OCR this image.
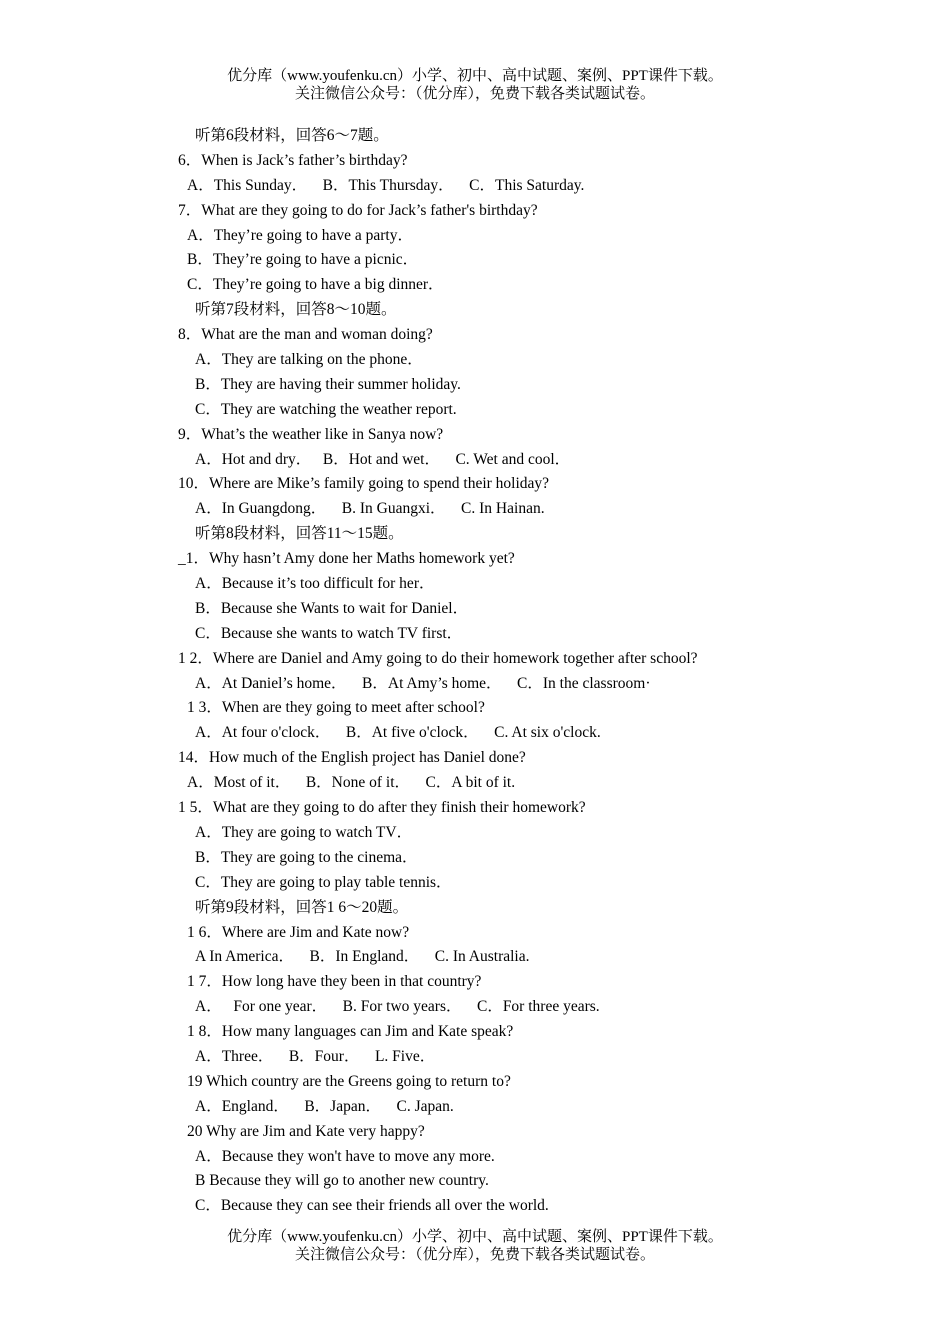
优分库（www.youfenku.cn）小学、初中、高中试题、案例、PPT课件下载。
关注微信公众号：（优分库），免费下载各类试题试卷。
听第6段材料，回答6～7题。
6．When is Jack’s father’s birthday?
A．This Sunday．    B．This Thursday．    C．This Saturday.
7．What are they going to do for Jack’s father's birthday?
A．They’re going to have a party．
B．They’re going to have a picnic．
C．They’re going to have a big dinner．
听第7段材料，回答8～10题。
8．What are the man and woman doing?
A．They are talking on the phone．
B．They are having their summer holiday.
C．They are watching the weather report.
9．What’s the weather like in Sanya now?
A．Hot and dry．   B．Hot and wet．    C. Wet and cool．
10．Where are Mike’s family going to spend their holiday?
A．In Guangdong．    B. In Guangxi．    C. In Hainan.
听第8段材料，回答11～15题。
_1．Why hasn’t Amy done her Maths homework yet?
A．Because it’s too difficult for her．
B．Because she Wants to wait for Daniel．
C．Because she wants to watch TV first．
1 2．Where are Daniel and Amy going to do their homework together after school?
A．At Daniel’s home．    B．At Amy’s home．    C．In the classroom·
1 3．When are they going to meet after school?
A．At four o'clock．    B．At five o'clock．    C. At six o'clock.
14．How much of the English project has Daniel done?
A．Most of it．    B．None of it．    C．A bit of it.
1 5．What are they going to do after they finish their homework?
A．They are going to watch TV．
B．They are going to the cinema．
C．They are going to play table tennis．
听第9段材料，回答1 6～20题。
1 6．Where are Jim and Kate now?
A In America．    B．In England．    C. In Australia.
1 7．How long have they been in that country?
A．   For one year．    B. For two years．    C．For three years.
1 8．How many languages can Jim and Kate speak?
A．Three．    B．Four．    L. Five．
19 Which country are the Greens going to return to?
A．England．    B．Japan．    C. Japan.
20 Why are Jim and Kate very happy?
A．Because they won't have to move any more.
B Because they will go to another new country.
C．Because they can see their friends all over the world.
优分库（www.youfenku.cn）小学、初中、高中试题、案例、PPT课件下载。
关注微信公众号：（优分库），免费下载各类试题试卷。
